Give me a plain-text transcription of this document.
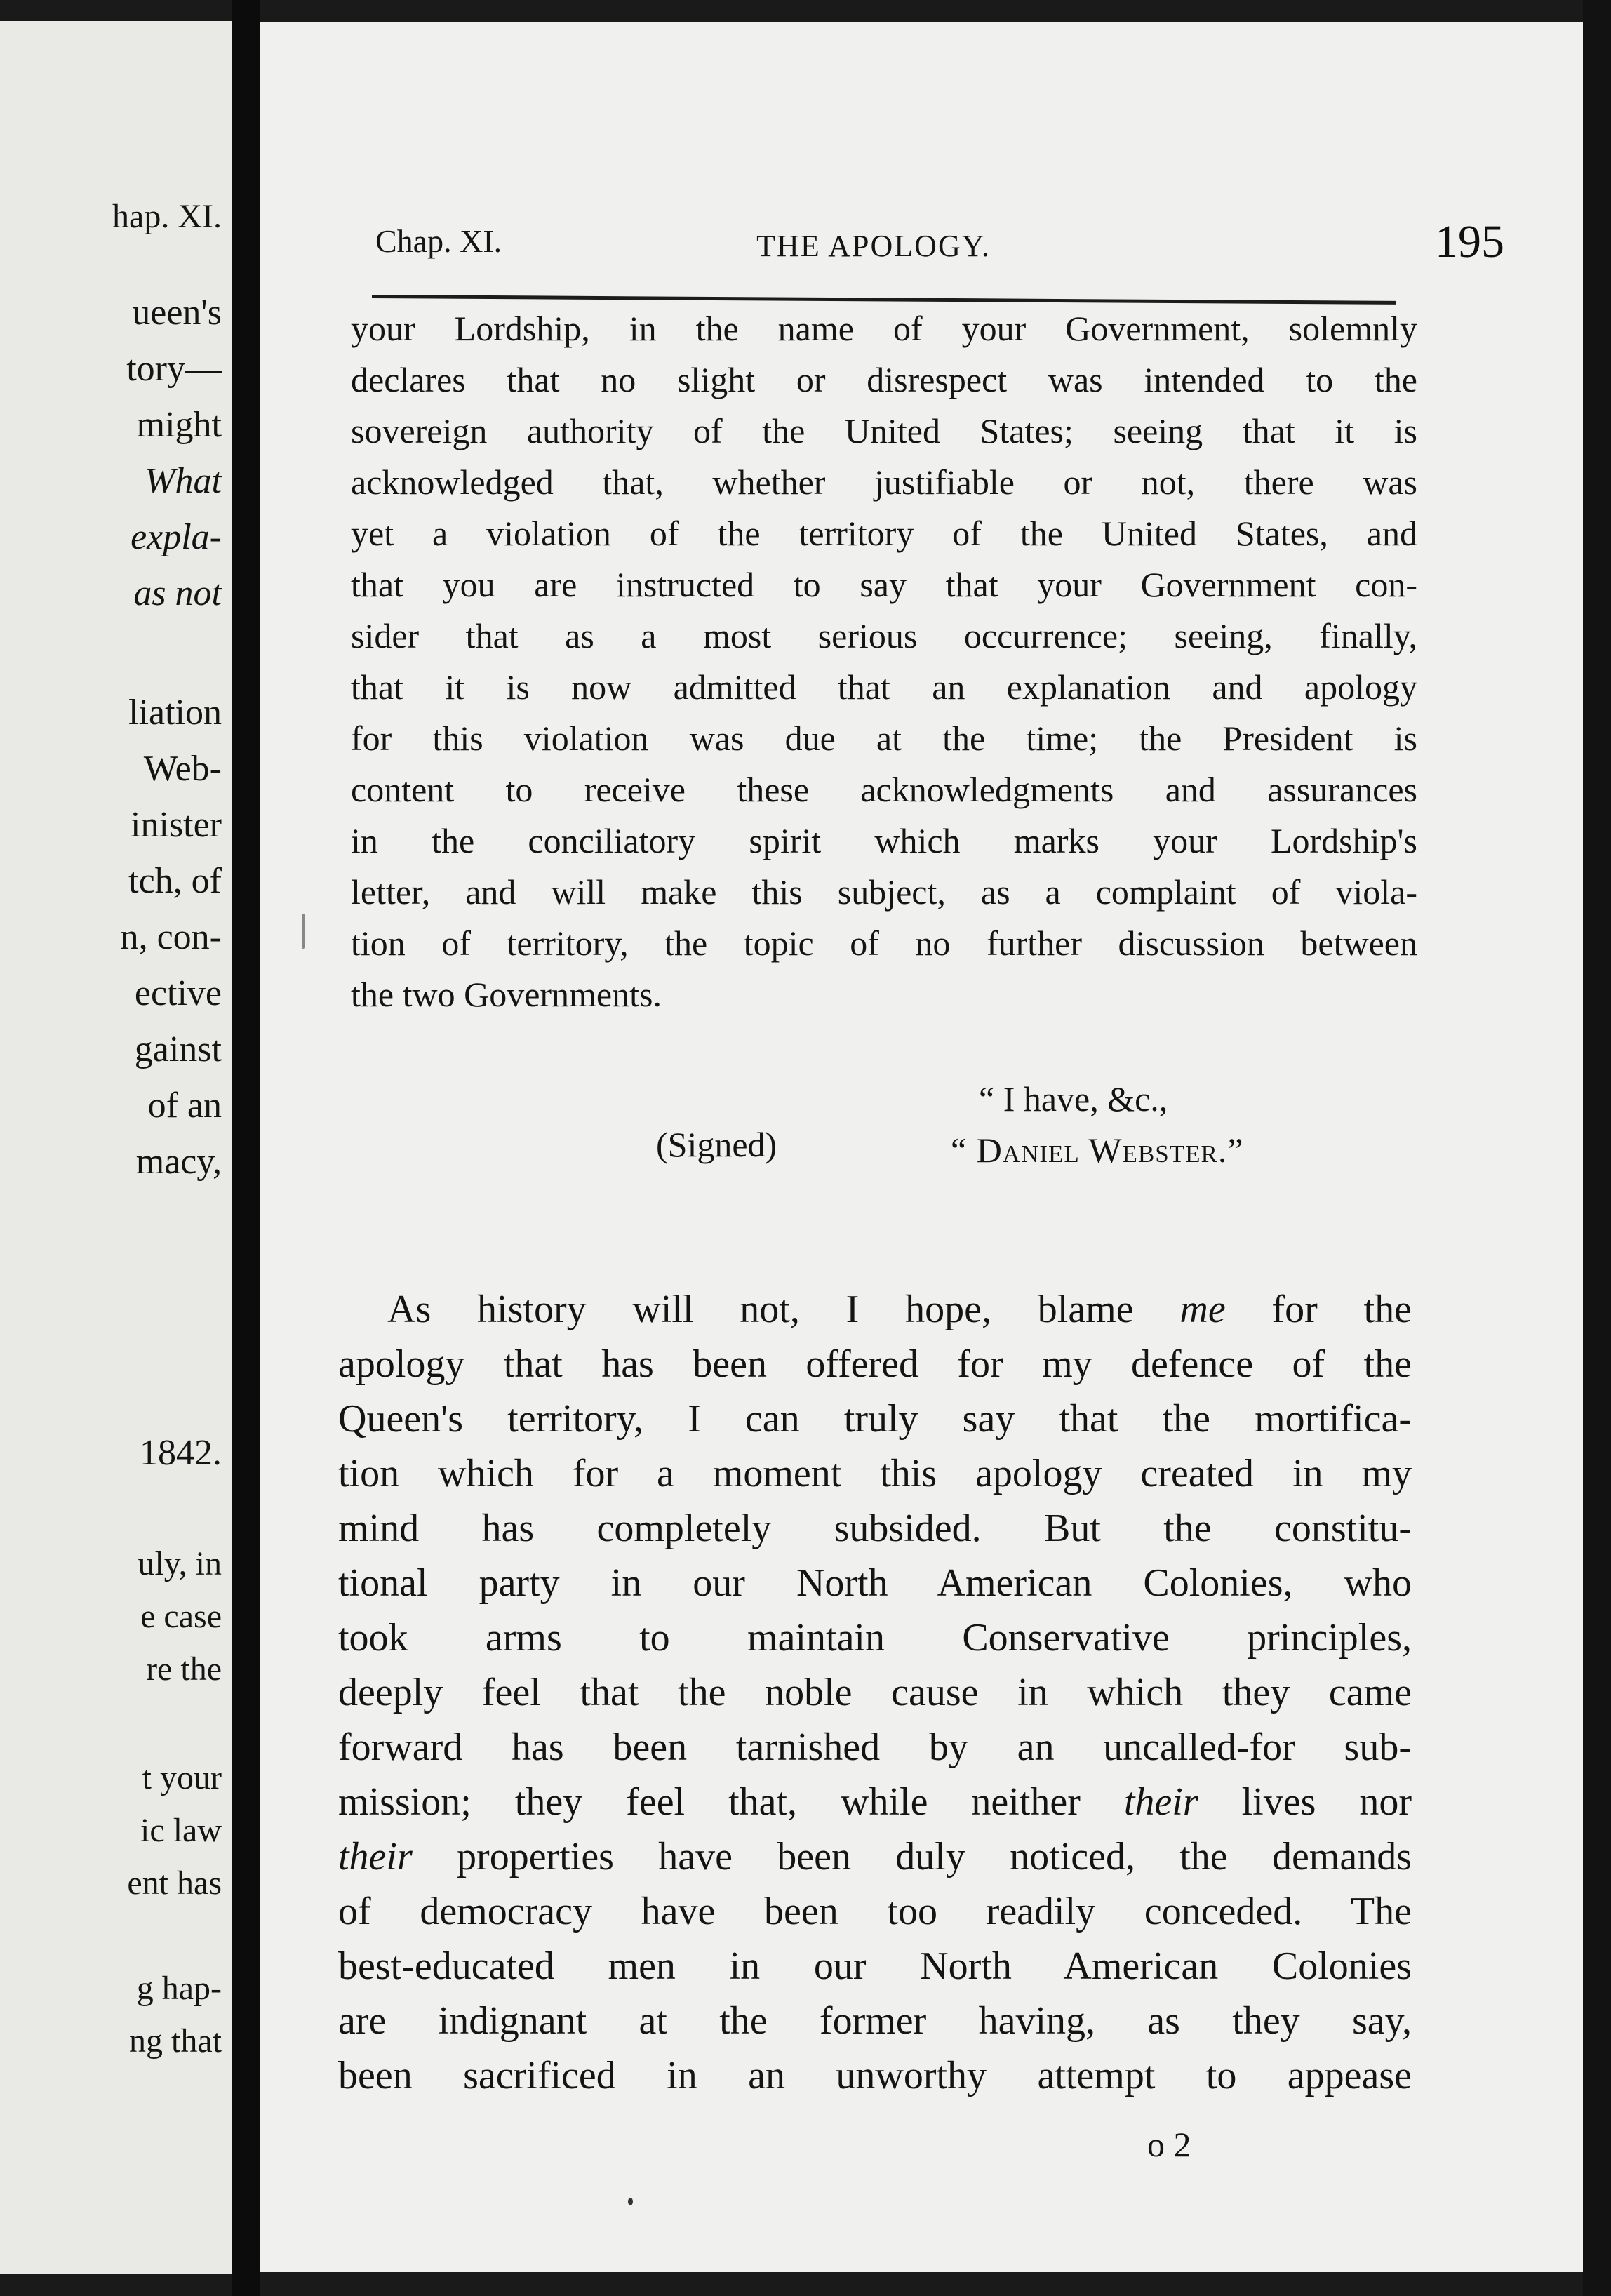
hap. XI.
ueen's
tory—
might
What
expla-
as not
liation
Web-
inister
tch, of
n, con-
ective
gainst
of an
macy,
1842.
uly, in
e case
re the
t your
ic law
ent has
g hap-
ng that
Chap. XI.	THE APOLOGY.	195
your Lordship, in the name of your Government, solemnly
declares that no slight or disrespect was intended to the
sovereign authority of the United States; seeing that it is
acknowledged that, whether justifiable or not, there was
yet a violation of the territory of the United States, and
that you are instructed to say that your Government con-
sider that as a most serious occurrence; seeing, finally,
that it is now admitted that an explanation and apology
for this violation was due at the time; the President is
content to receive these acknowledgments and assurances
in the conciliatory spirit which marks your Lordship's
letter, and will make this subject, as a complaint of viola-
tion of territory, the topic of no further discussion between
the two Governments.
“ I have, &c.,
(Signed)	“ Daniel Webster.”
As history will not, I hope, blame me for the
apology that has been offered for my defence of the
Queen's territory, I can truly say that the mortifica-
tion which for a moment this apology created in my
mind has completely subsided. But the constitu-
tional party in our North American Colonies, who
took arms to maintain Conservative principles,
deeply feel that the noble cause in which they came
forward has been tarnished by an uncalled-for sub-
mission; they feel that, while neither their lives nor
their properties have been duly noticed, the demands
of democracy have been too readily conceded. The
best-educated men in our North American Colonies
are indignant at the former having, as they say,
been sacrificed in an unworthy attempt to appease
o 2
